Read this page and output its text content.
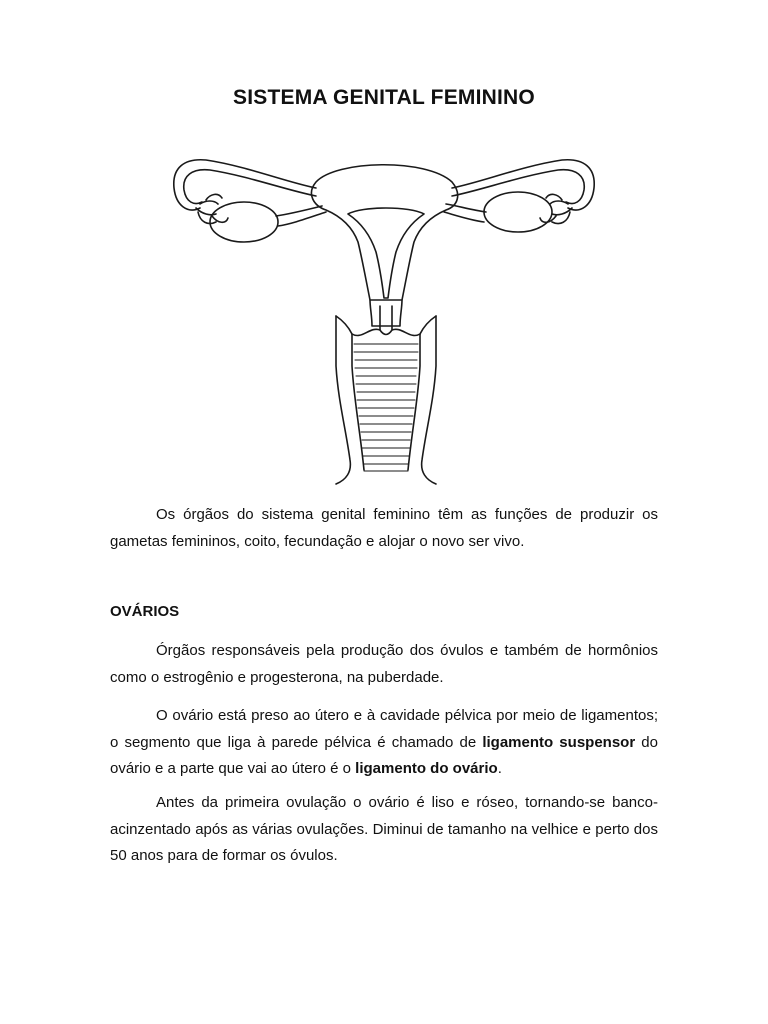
SISTEMA GENITAL FEMININO

Os órgãos do sistema genital feminino têm as funções de produzir os gametas femininos, coito, fecundação e alojar o novo ser vivo.

OVÁRIOS

Órgãos responsáveis pela produção dos óvulos e também de hormônios como o estrogênio e progesterona, na puberdade.

O ovário está preso ao útero e à cavidade pélvica por meio de ligamentos; o segmento que liga à parede pélvica é chamado de ligamento suspensor do ovário e a parte que vai ao útero é o ligamento do ovário.

Antes da primeira ovulação o ovário é liso e róseo, tornando-se banco-acinzentado após as várias ovulações. Diminui de tamanho na velhice e perto dos 50 anos para de formar os óvulos.
